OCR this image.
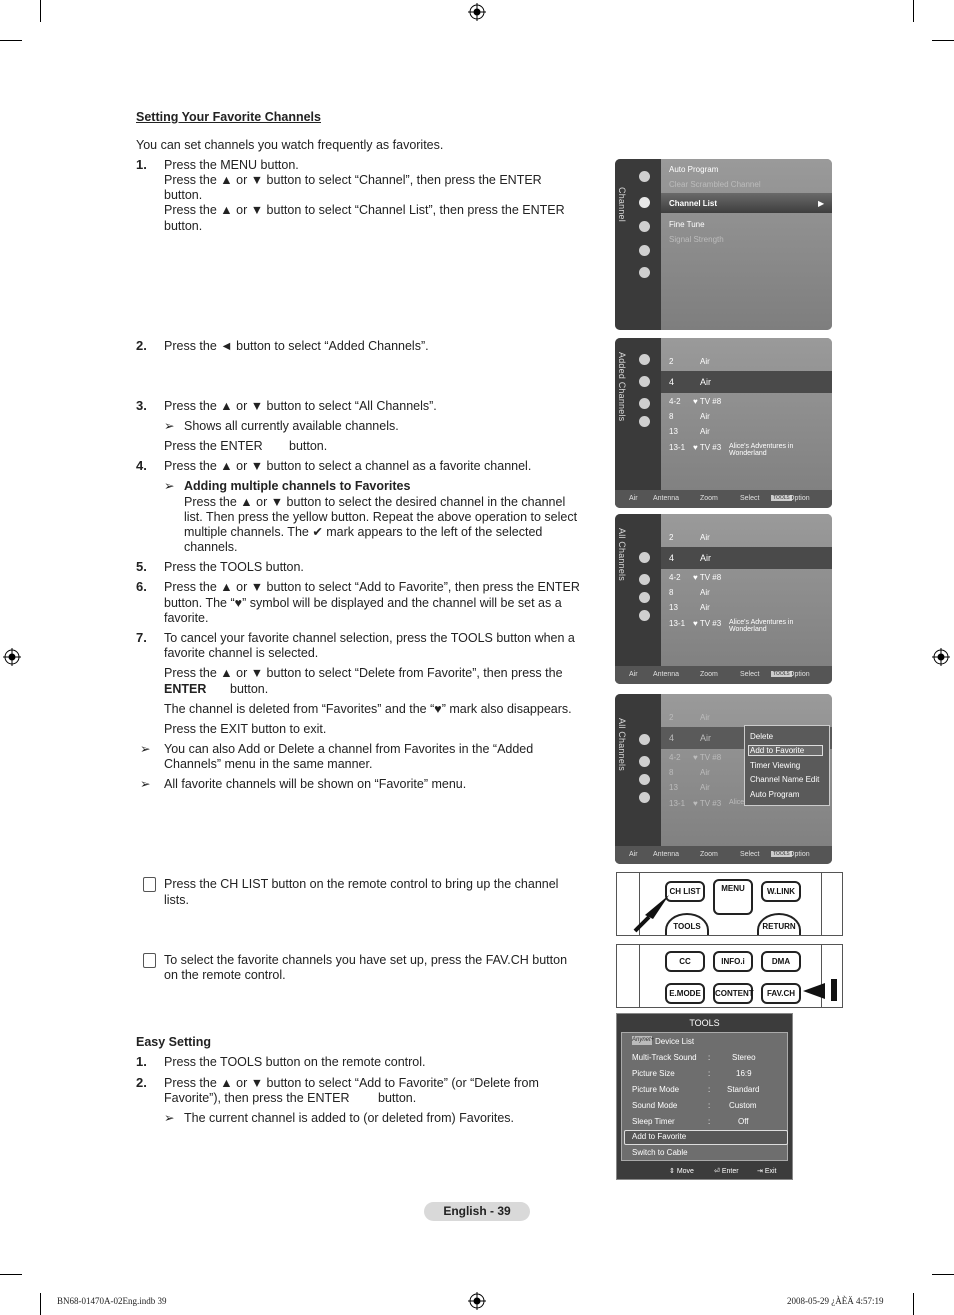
Setting Your Favorite Channels
You can set channels you watch frequently as favorites.
1. Press the MENU button.
Press the ▲ or ▼ button to select “Channel”, then press the ENTER
button.
Press the ▲ or ▼ button to select “Channel List”, then press the ENTER
button.
2. Press the ◄ button to select “Added Channels”.
3. Press the ▲ or ▼ button to select “All Channels”.
➢ Shows all currently available channels.
Press the ENTER button.
4. Press the ▲ or ▼ button to select a channel as a favorite channel.
➢ Adding multiple channels to Favorites
Press the ▲ or ▼ button to select the desired channel in the channel
list. Then press the yellow button. Repeat the above operation to select
multiple channels. The ✔ mark appears to the left of the selected
channels.
5. Press the TOOLS button.
6. Press the ▲ or ▼ button to select “Add to Favorite”, then press the ENTER
button. The “♥” symbol will be displayed and the channel will be set as a
favorite.
7. To cancel your favorite channel selection, press the TOOLS button when a
favorite channel is selected.
Press the ▲ or ▼ button to select “Delete from Favorite”, then press the
ENTER button.
The channel is deleted from “Favorites” and the “♥” mark also disappears.
Press the EXIT button to exit.
➢ You can also Add or Delete a channel from Favorites in the “Added
Channels” menu in the same manner.
➢ All favorite channels will be shown on “Favorite” menu.
Press the CH LIST button on the remote control to bring up the channel
lists.
To select the favorite channels you have set up, press the FAV.CH button
on the remote control.
Easy Setting
1. Press the TOOLS button on the remote control.
2. Press the ▲ or ▼ button to select “Add to Favorite” (or “Delete from
Favorite”), then press the ENTER button.
➢ The current channel is added to (or deleted from) Favorites.
Channel
Auto Program
Clear Scrambled Channel
Channel List	▶
Fine Tune
Signal Strength
Added Channels	2	Air
4	Air
4-2 ♥ TV #8
8	Air
13	Air
13-1 ♥ TV #3 Alice's Adventures in Wonderland
Air Antenna	Zoom	Select	TOOLS Option
All Channels	2	Air
4	Air
4-2 ♥ TV #8
8	Air
13	Air
13-1 ♥ TV #3 Alice's Adventures in Wonderland
Air Antenna	Zoom	Select	TOOLS Option
All Channels
2	Air
4	Air
4-2 ♥ TV #8
8	Air
13	Air
13-1 ♥ TV #3 Alice
Delete
Add to Favorite
Timer Viewing
Channel Name Edit
Auto Program
Air Antenna	Zoom	Select	TOOLS Option
CH LIST	MENU	W.LINK
TOOLS	RETURN
CC	INFO.i	DMA
E.MODE	CONTENT	FAV.CH
TOOLS
Anynet+ Device List
Multi-Track Sound :	Stereo
Picture Size	:	16:9
Picture Mode	: Standard
Sound Mode	: Custom
Sleep Timer	:	Off
Add to Favorite
Switch to Cable
⇕ Move	⏎ Enter	⇥ Exit
English - 39
BN68-01470A-02Eng.indb 39	2008-05-29 ¿ÀÈÄ 4:57:19
